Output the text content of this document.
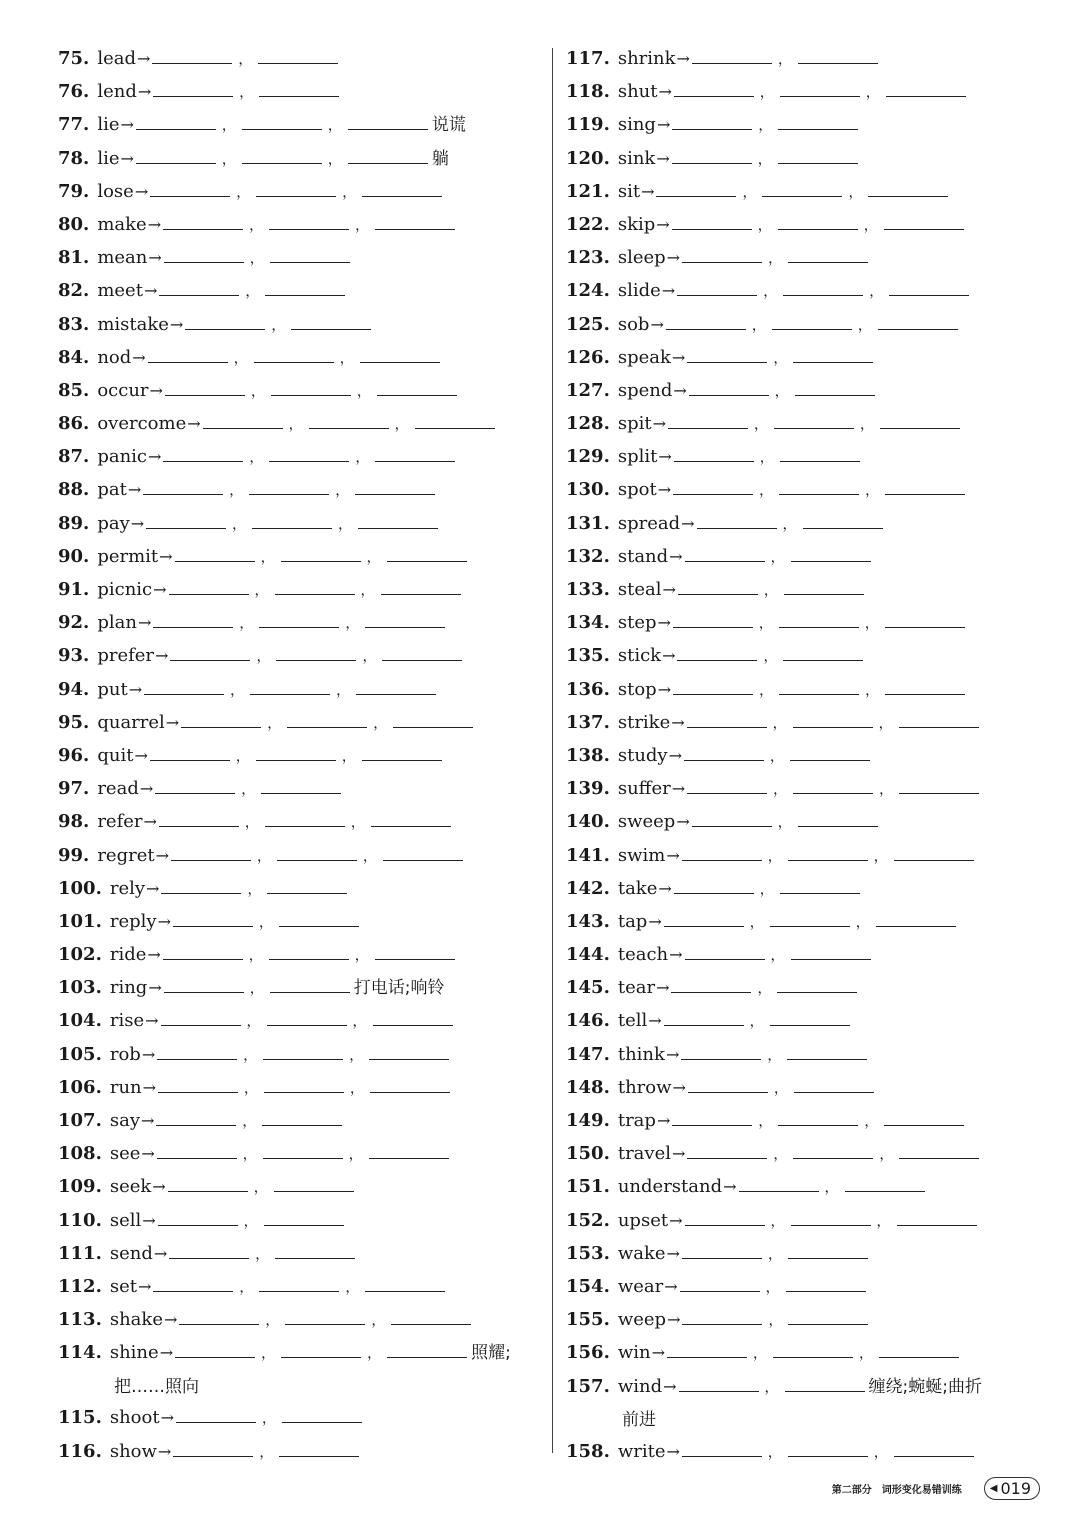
75. lead→	，
76. lend→	，
77. lie→	，	，	说谎
78. lie→	，	，	躺
79. lose→	，	，
80. make→	，	，
81. mean→	，
82. meet→	，
83. mistake→	，
84. nod→	，	，
85. occur→	，	，
86. overcome→	，	，
87. panic→	，	，
88. pat→	，	，
89. pay→	，	，
90. permit→	，	，
91. picnic→	，	，
92. plan→	，	，
93. prefer→	，	，
94. put→	，	，
95. quarrel→	，	，
96. quit→	，	，
97. read→	，
98. refer→	，	，
99. regret→	，	，
100. rely→	，
101. reply→	，
102. ride→	，	，
103. ring→	，	打电话;响铃
104. rise→	，	，
105. rob→	，	，
106. run→	，	，
107. say→	，
108. see→	，	，
109. seek→	，
110. sell→	，
111. send→	，
112. set→	，	，
113. shake→	，	，
114. shine→	，	，	照耀;
把……照向
115. shoot→	，
116. show→	，
117. shrink→	，
118. shut→	，	，
119. sing→	，
120. sink→	，
121. sit→	，	，
122. skip→	，	，
123. sleep→	，
124. slide→	，	，
125. sob→	，	，
126. speak→	，
127. spend→	，
128. spit→	，	，
129. split→	，
130. spot→	，	，
131. spread→	，
132. stand→	，
133. steal→	，
134. step→	，	，
135. stick→	，
136. stop→	，	，
137. strike→	，	，
138. study→	，
139. suffer→	，	，
140. sweep→	，
141. swim→	，	，
142. take→	，
143. tap→	，	，
144. teach→	，
145. tear→	，
146. tell→	，
147. think→	，
148. throw→	，
149. trap→	，	，
150. travel→	，	，
151. understand→	，
152. upset→	，	，
153. wake→	，
154. wear→	，
155. weep→	，
156. win→	，	，
157. wind→	，	缠绕;蜿蜒;曲折
前进
158. write→	，	，
第二部分 词形变化易错训练	◀ 019
